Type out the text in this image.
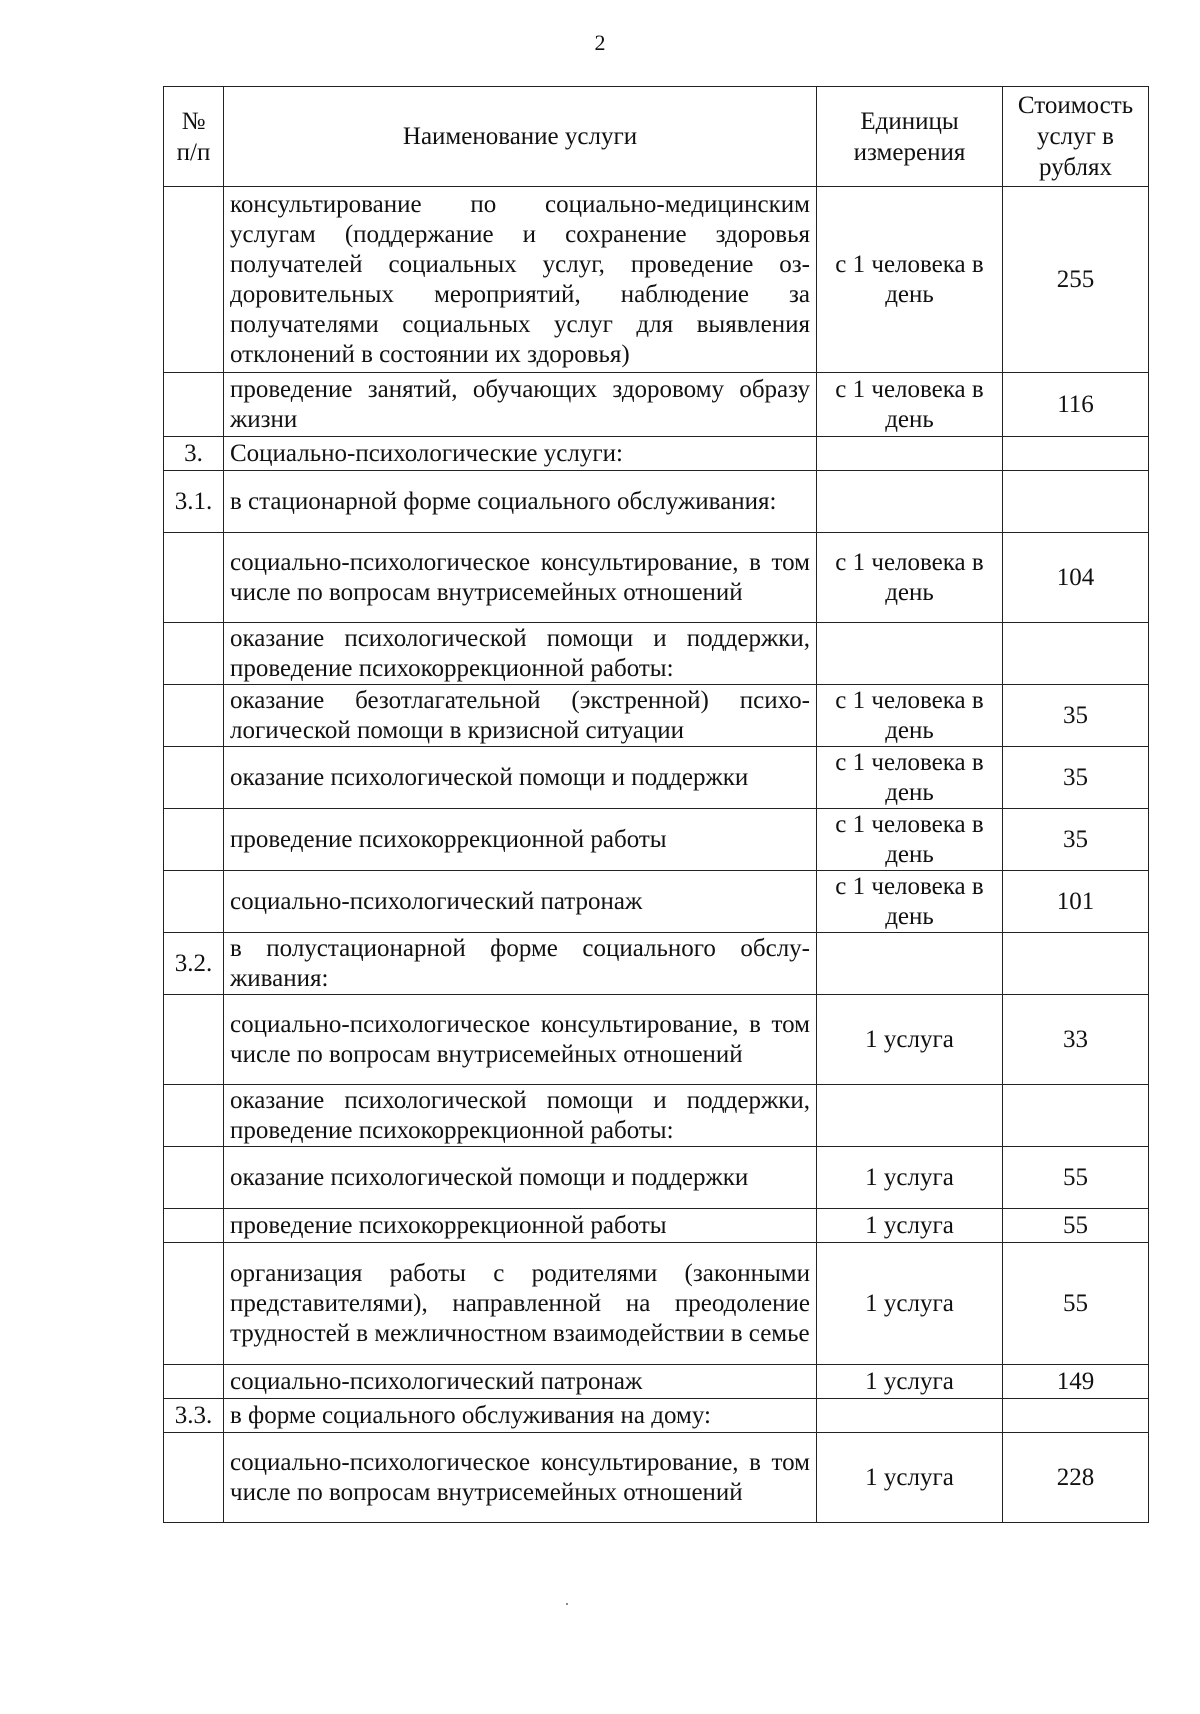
2
№ п/п	Наименование услуги	Единицы измерения	Стоимость услуг в рублях
	консультирование по социально-медицинским услугам (поддержание и сохранение здоровья получателей социальных услуг, проведение оздоровительных мероприятий, наблюдение за получателями социальных услуг для выявления отклонений в состоянии их здоровья)	с 1 человека в день	255
	проведение занятий, обучающих здоровому образу жизни	с 1 человека в день	116
3.	Социально-психологические услуги:		
3.1.	в стационарной форме социального обслуживания:		
	социально-психологическое консультирование, в том числе по вопросам внутрисемейных отношений	с 1 человека в день	104
	оказание психологической помощи и поддержки, проведение психокоррекционной работы:		
	оказание безотлагательной (экстренной) психологической помощи в кризисной ситуации	с 1 человека в день	35
	оказание психологической помощи и поддержки	с 1 человека в день	35
	проведение психокоррекционной работы	с 1 человека в день	35
	социально-психологический патронаж	с 1 человека в день	101
3.2.	в полустационарной форме социального обслуживания:		
	социально-психологическое консультирование, в том числе по вопросам внутрисемейных отношений	1 услуга	33
	оказание психологической помощи и поддержки, проведение психокоррекционной работы:		
	оказание психологической помощи и поддержки	1 услуга	55
	проведение психокоррекционной работы	1 услуга	55
	организация работы с родителями (законными представителями), направленной на преодоление трудностей в межличностном взаимодействии в семье	1 услуга	55
	социально-психологический патронаж	1 услуга	149
3.3.	в форме социального обслуживания на дому:		
	социально-психологическое консультирование, в том числе по вопросам внутрисемейных отношений	1 услуга	228
